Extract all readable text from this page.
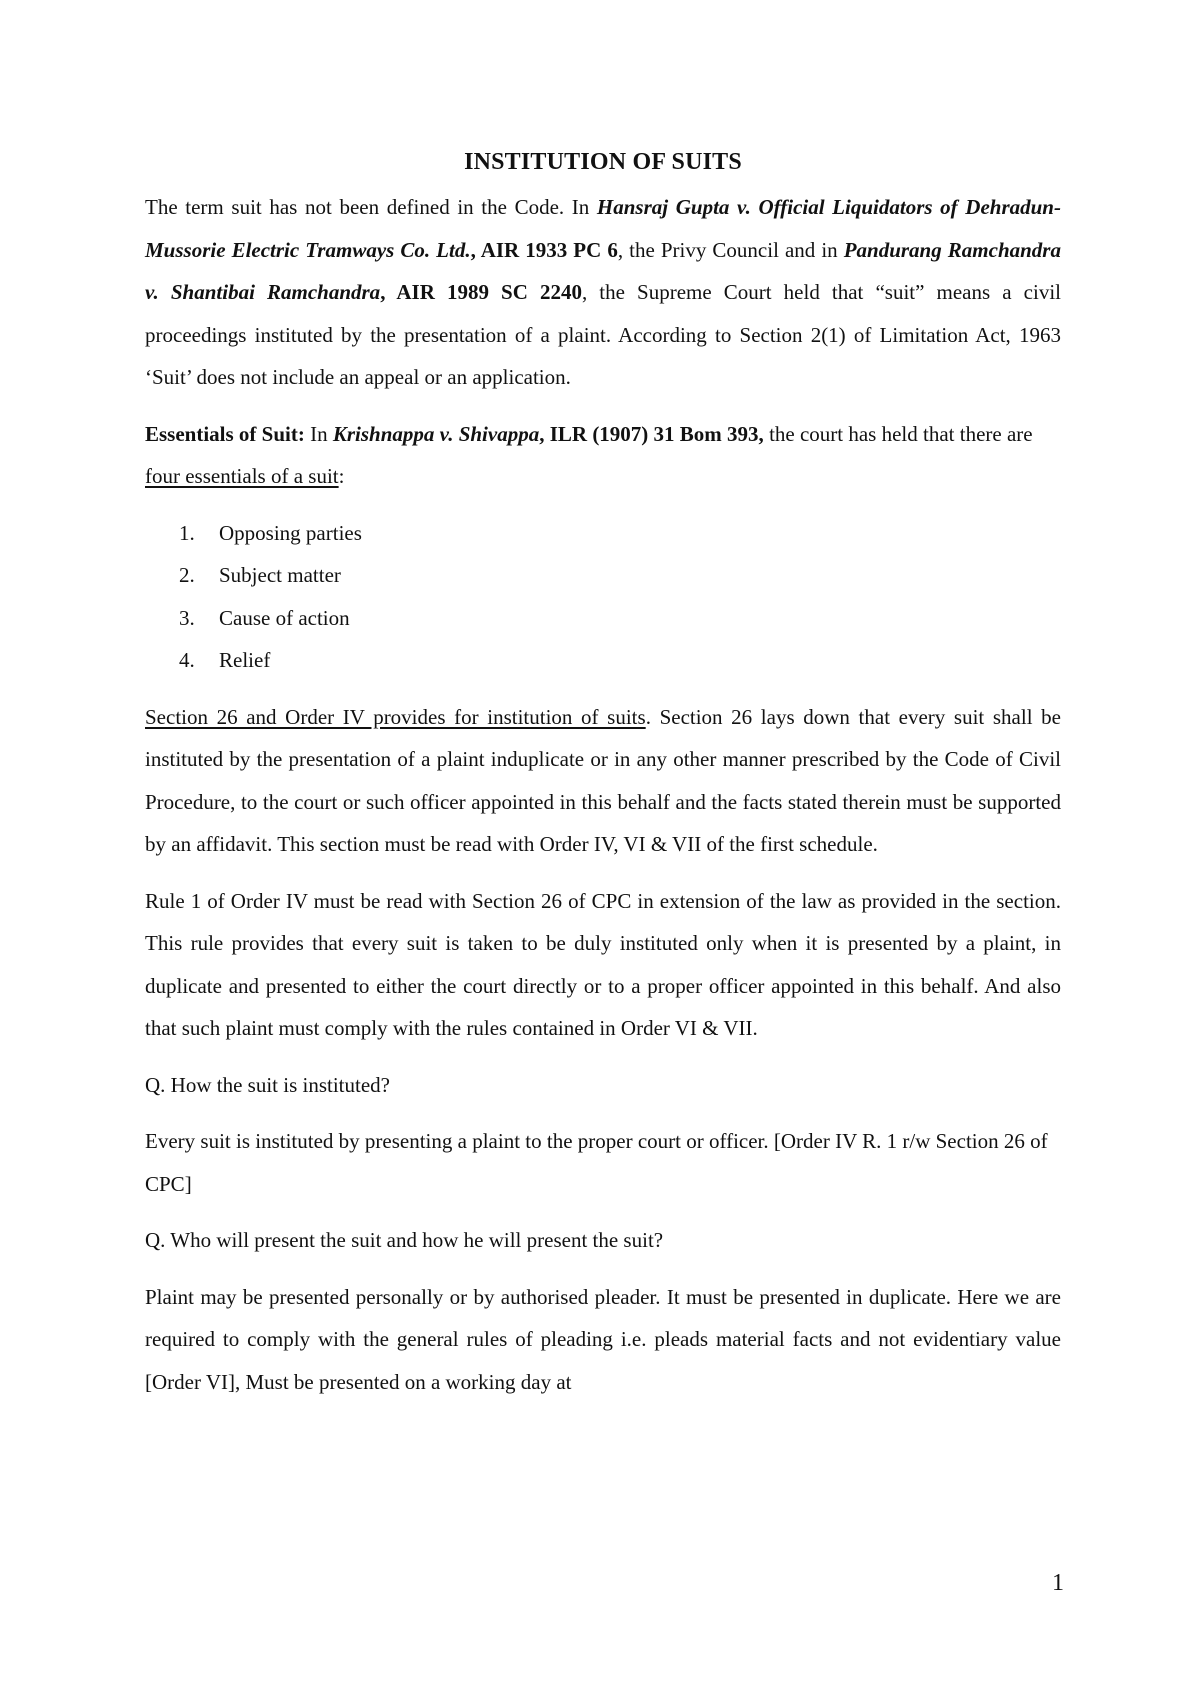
INSTITUTION OF SUITS

The term suit has not been defined in the Code. In Hansraj Gupta v. Official Liquidators of Dehradun- Mussorie Electric Tramways Co. Ltd., AIR 1933 PC 6, the Privy Council and in Pandurang Ramchandra v. Shantibai Ramchandra, AIR 1989 SC 2240, the Supreme Court held that “suit” means a civil proceedings instituted by the presentation of a plaint. According to Section 2(1) of Limitation Act, 1963 ‘Suit’ does not include an appeal or an application.

Essentials of Suit: In Krishnappa v. Shivappa, ILR (1907) 31 Bom 393, the court has held that there are four essentials of a suit:

1. Opposing parties
2. Subject matter
3. Cause of action
4. Relief

Section 26 and Order IV provides for institution of suits. Section 26 lays down that every suit shall be instituted by the presentation of a plaint induplicate or in any other manner prescribed by the Code of Civil Procedure, to the court or such officer appointed in this behalf and the facts stated therein must be supported by an affidavit. This section must be read with Order IV, VI & VII of the first schedule.

Rule 1 of Order IV must be read with Section 26 of CPC in extension of the law as provided in the section. This rule provides that every suit is taken to be duly instituted only when it is presented by a plaint, in duplicate and presented to either the court directly or to a proper officer appointed in this behalf. And also that such plaint must comply with the rules contained in Order VI & VII.

Q. How the suit is instituted?

Every suit is instituted by presenting a plaint to the proper court or officer. [Order IV R. 1 r/w Section 26 of CPC]

Q. Who will present the suit and how he will present the suit?

Plaint may be presented personally or by authorised pleader. It must be presented in duplicate. Here we are required to comply with the general rules of pleading i.e. pleads material facts and not evidentiary value [Order VI], Must be presented on a working day at

1
